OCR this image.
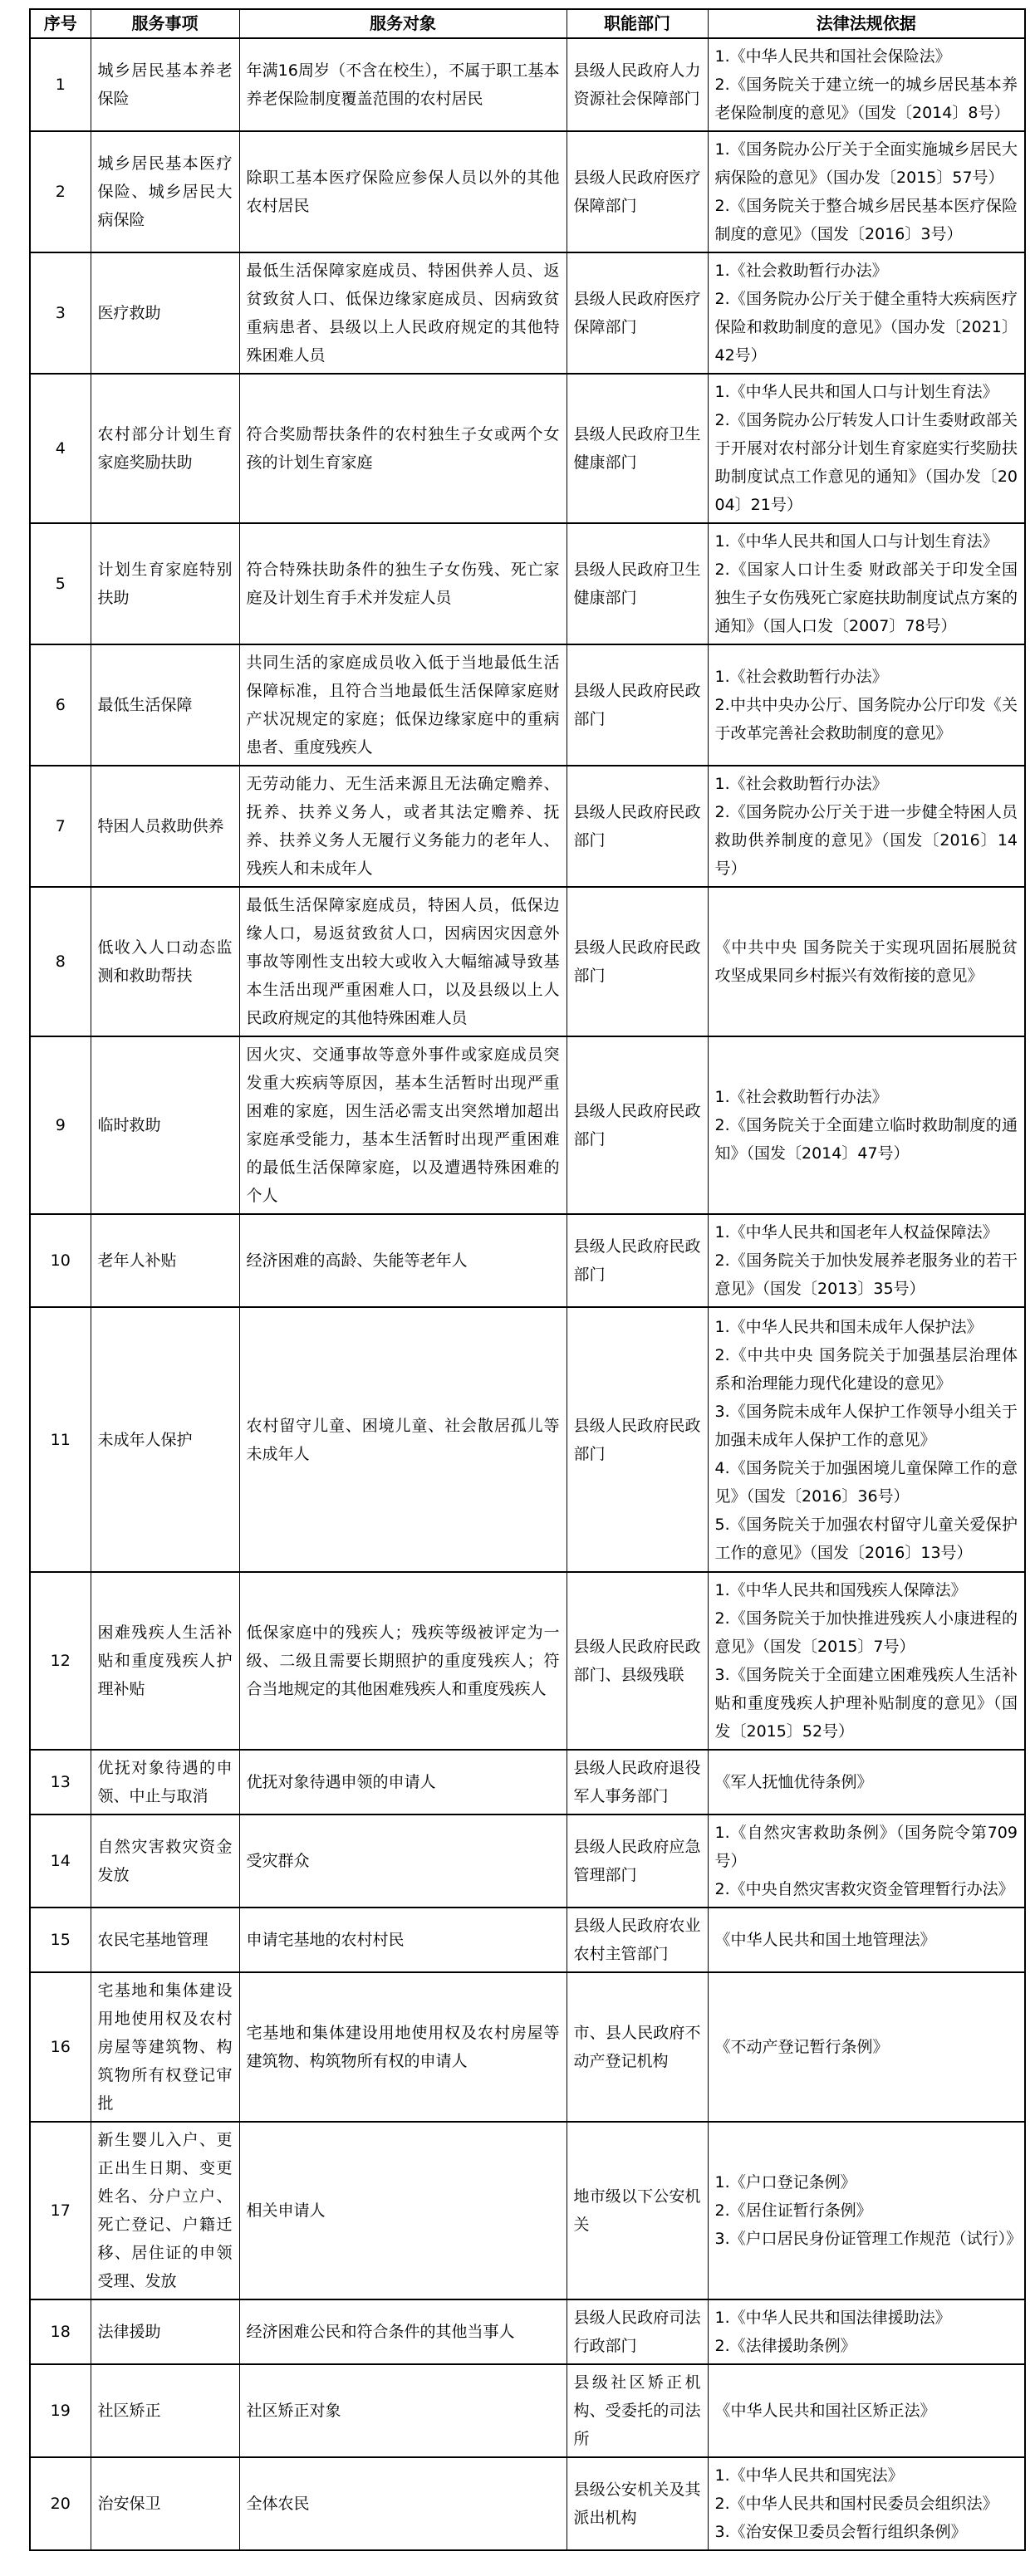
序号	服务事项	服务对象	职能部门	法律法规依据
1	城乡居民基本养老保险	年满16周岁（不含在校生），不属于职工基本养老保险制度覆盖范围的农村居民	县级人民政府人力资源社会保障部门	1.《中华人民共和国社会保险法》
2.《国务院关于建立统一的城乡居民基本养老保险制度的意见》（国发〔2014〕8号）

2	城乡居民基本医疗保险、城乡居民大病保险	除职工基本医疗保险应参保人员以外的其他农村居民	县级人民政府医疗保障部门	1.《国务院办公厅关于全面实施城乡居民大病保险的意见》（国办发〔2015〕57号）
2.《国务院关于整合城乡居民基本医疗保险制度的意见》（国发〔2016〕3号）

3	医疗救助	最低生活保障家庭成员、特困供养人员、返贫致贫人口、低保边缘家庭成员、因病致贫重病患者、县级以上人民政府规定的其他特殊困难人员	县级人民政府医疗保障部门	1.《社会救助暂行办法》
2.《国务院办公厅关于健全重特大疾病医疗保险和救助制度的意见》（国办发〔2021〕42号）

4	农村部分计划生育家庭奖励扶助	符合奖励帮扶条件的农村独生子女或两个女孩的计划生育家庭	县级人民政府卫生健康部门	1.《中华人民共和国人口与计划生育法》
2.《国务院办公厅转发人口计生委财政部关于开展对农村部分计划生育家庭实行奖励扶助制度试点工作意见的通知》（国办发〔2004〕21号）

5	计划生育家庭特别扶助	符合特殊扶助条件的独生子女伤残、死亡家庭及计划生育手术并发症人员	县级人民政府卫生健康部门	1.《中华人民共和国人口与计划生育法》
2.《国家人口计生委 财政部关于印发全国独生子女伤残死亡家庭扶助制度试点方案的通知》（国人口发〔2007〕78号）

6	最低生活保障	共同生活的家庭成员收入低于当地最低生活保障标准，且符合当地最低生活保障家庭财产状况规定的家庭；低保边缘家庭中的重病患者、重度残疾人	县级人民政府民政部门	1.《社会救助暂行办法》
2.中共中央办公厅、国务院办公厅印发《关于改革完善社会救助制度的意见》

7	特困人员救助供养	无劳动能力、无生活来源且无法确定赡养、抚养、扶养义务人，或者其法定赡养、抚养、扶养义务人无履行义务能力的老年人、残疾人和未成年人	县级人民政府民政部门	1.《社会救助暂行办法》
2.《国务院办公厅关于进一步健全特困人员救助供养制度的意见》（国发〔2016〕14号）

8	低收入人口动态监测和救助帮扶	最低生活保障家庭成员，特困人员，低保边缘人口，易返贫致贫人口，因病因灾因意外事故等刚性支出较大或收入大幅缩减导致基本生活出现严重困难人口，以及县级以上人民政府规定的其他特殊困难人员	县级人民政府民政部门	《中共中央 国务院关于实现巩固拓展脱贫攻坚成果同乡村振兴有效衔接的意见》

9	临时救助	因火灾、交通事故等意外事件或家庭成员突发重大疾病等原因，基本生活暂时出现严重困难的家庭，因生活必需支出突然增加超出家庭承受能力，基本生活暂时出现严重困难的最低生活保障家庭，以及遭遇特殊困难的个人	县级人民政府民政部门	1.《社会救助暂行办法》
2.《国务院关于全面建立临时救助制度的通知》（国发〔2014〕47号）

10	老年人补贴	经济困难的高龄、失能等老年人	县级人民政府民政部门	1.《中华人民共和国老年人权益保障法》
2.《国务院关于加快发展养老服务业的若干意见》（国发〔2013〕35号）

11	未成年人保护	农村留守儿童、困境儿童、社会散居孤儿等未成年人	县级人民政府民政部门	1.《中华人民共和国未成年人保护法》
2.《中共中央 国务院关于加强基层治理体系和治理能力现代化建设的意见》
3.《国务院未成年人保护工作领导小组关于加强未成年人保护工作的意见》
4.《国务院关于加强困境儿童保障工作的意见》（国发〔2016〕36号）
5.《国务院关于加强农村留守儿童关爱保护工作的意见》（国发〔2016〕13号）

12	困难残疾人生活补贴和重度残疾人护理补贴	低保家庭中的残疾人；残疾等级被评定为一级、二级且需要长期照护的重度残疾人；符合当地规定的其他困难残疾人和重度残疾人	县级人民政府民政部门、县级残联	1.《中华人民共和国残疾人保障法》
2.《国务院关于加快推进残疾人小康进程的意见》（国发〔2015〕7号）
3.《国务院关于全面建立困难残疾人生活补贴和重度残疾人护理补贴制度的意见》（国发〔2015〕52号）

13	优抚对象待遇的申领、中止与取消	优抚对象待遇申领的申请人	县级人民政府退役军人事务部门	《军人抚恤优待条例》

14	自然灾害救灾资金发放	受灾群众	县级人民政府应急管理部门	1.《自然灾害救助条例》（国务院令第709号）
2.《中央自然灾害救灾资金管理暂行办法》

15	农民宅基地管理	申请宅基地的农村村民	县级人民政府农业农村主管部门	《中华人民共和国土地管理法》

16	宅基地和集体建设用地使用权及农村房屋等建筑物、构筑物所有权登记审批	宅基地和集体建设用地使用权及农村房屋等建筑物、构筑物所有权的申请人	市、县人民政府不动产登记机构	《不动产登记暂行条例》

17	新生婴儿入户、更正出生日期、变更姓名、分户立户、死亡登记、户籍迁移、居住证的申领受理、发放	相关申请人	地市级以下公安机关	1.《户口登记条例》
2.《居住证暂行条例》
3.《户口居民身份证管理工作规范（试行）》

18	法律援助	经济困难公民和符合条件的其他当事人	县级人民政府司法行政部门	1.《中华人民共和国法律援助法》
2.《法律援助条例》

19	社区矫正	社区矫正对象	县级社区矫正机构、受委托的司法所	《中华人民共和国社区矫正法》

20	治安保卫	全体农民	县级公安机关及其派出机构	1.《中华人民共和国宪法》
2.《中华人民共和国村民委员会组织法》
3.《治安保卫委员会暂行组织条例》
